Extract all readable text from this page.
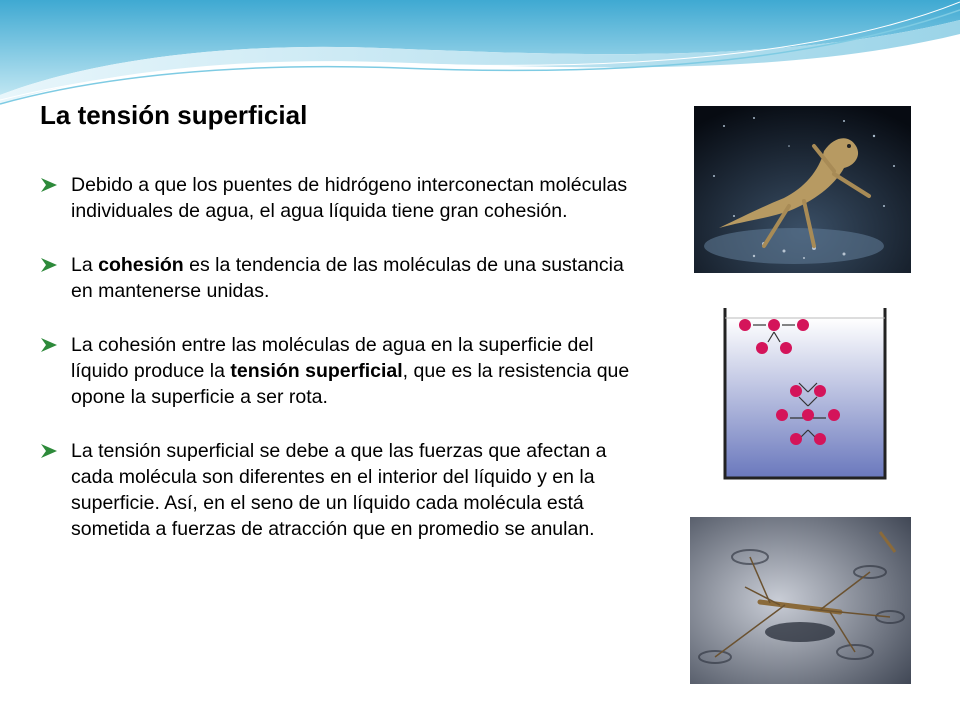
La tensión superficial

Debido a que los puentes de hidrógeno interconectan moléculas individuales de agua, el agua líquida tiene gran cohesión.

La cohesión es la tendencia de las moléculas de una sustancia en mantenerse unidas.

La cohesión entre las moléculas de agua en la superficie del líquido produce la tensión superficial, que es la resistencia que opone la superficie a ser rota.

La tensión superficial se debe a que las fuerzas que afectan a cada molécula son diferentes en el interior del líquido y en la superficie. Así, en el seno de un líquido cada molécula está sometida a fuerzas de atracción que en promedio se anulan.
